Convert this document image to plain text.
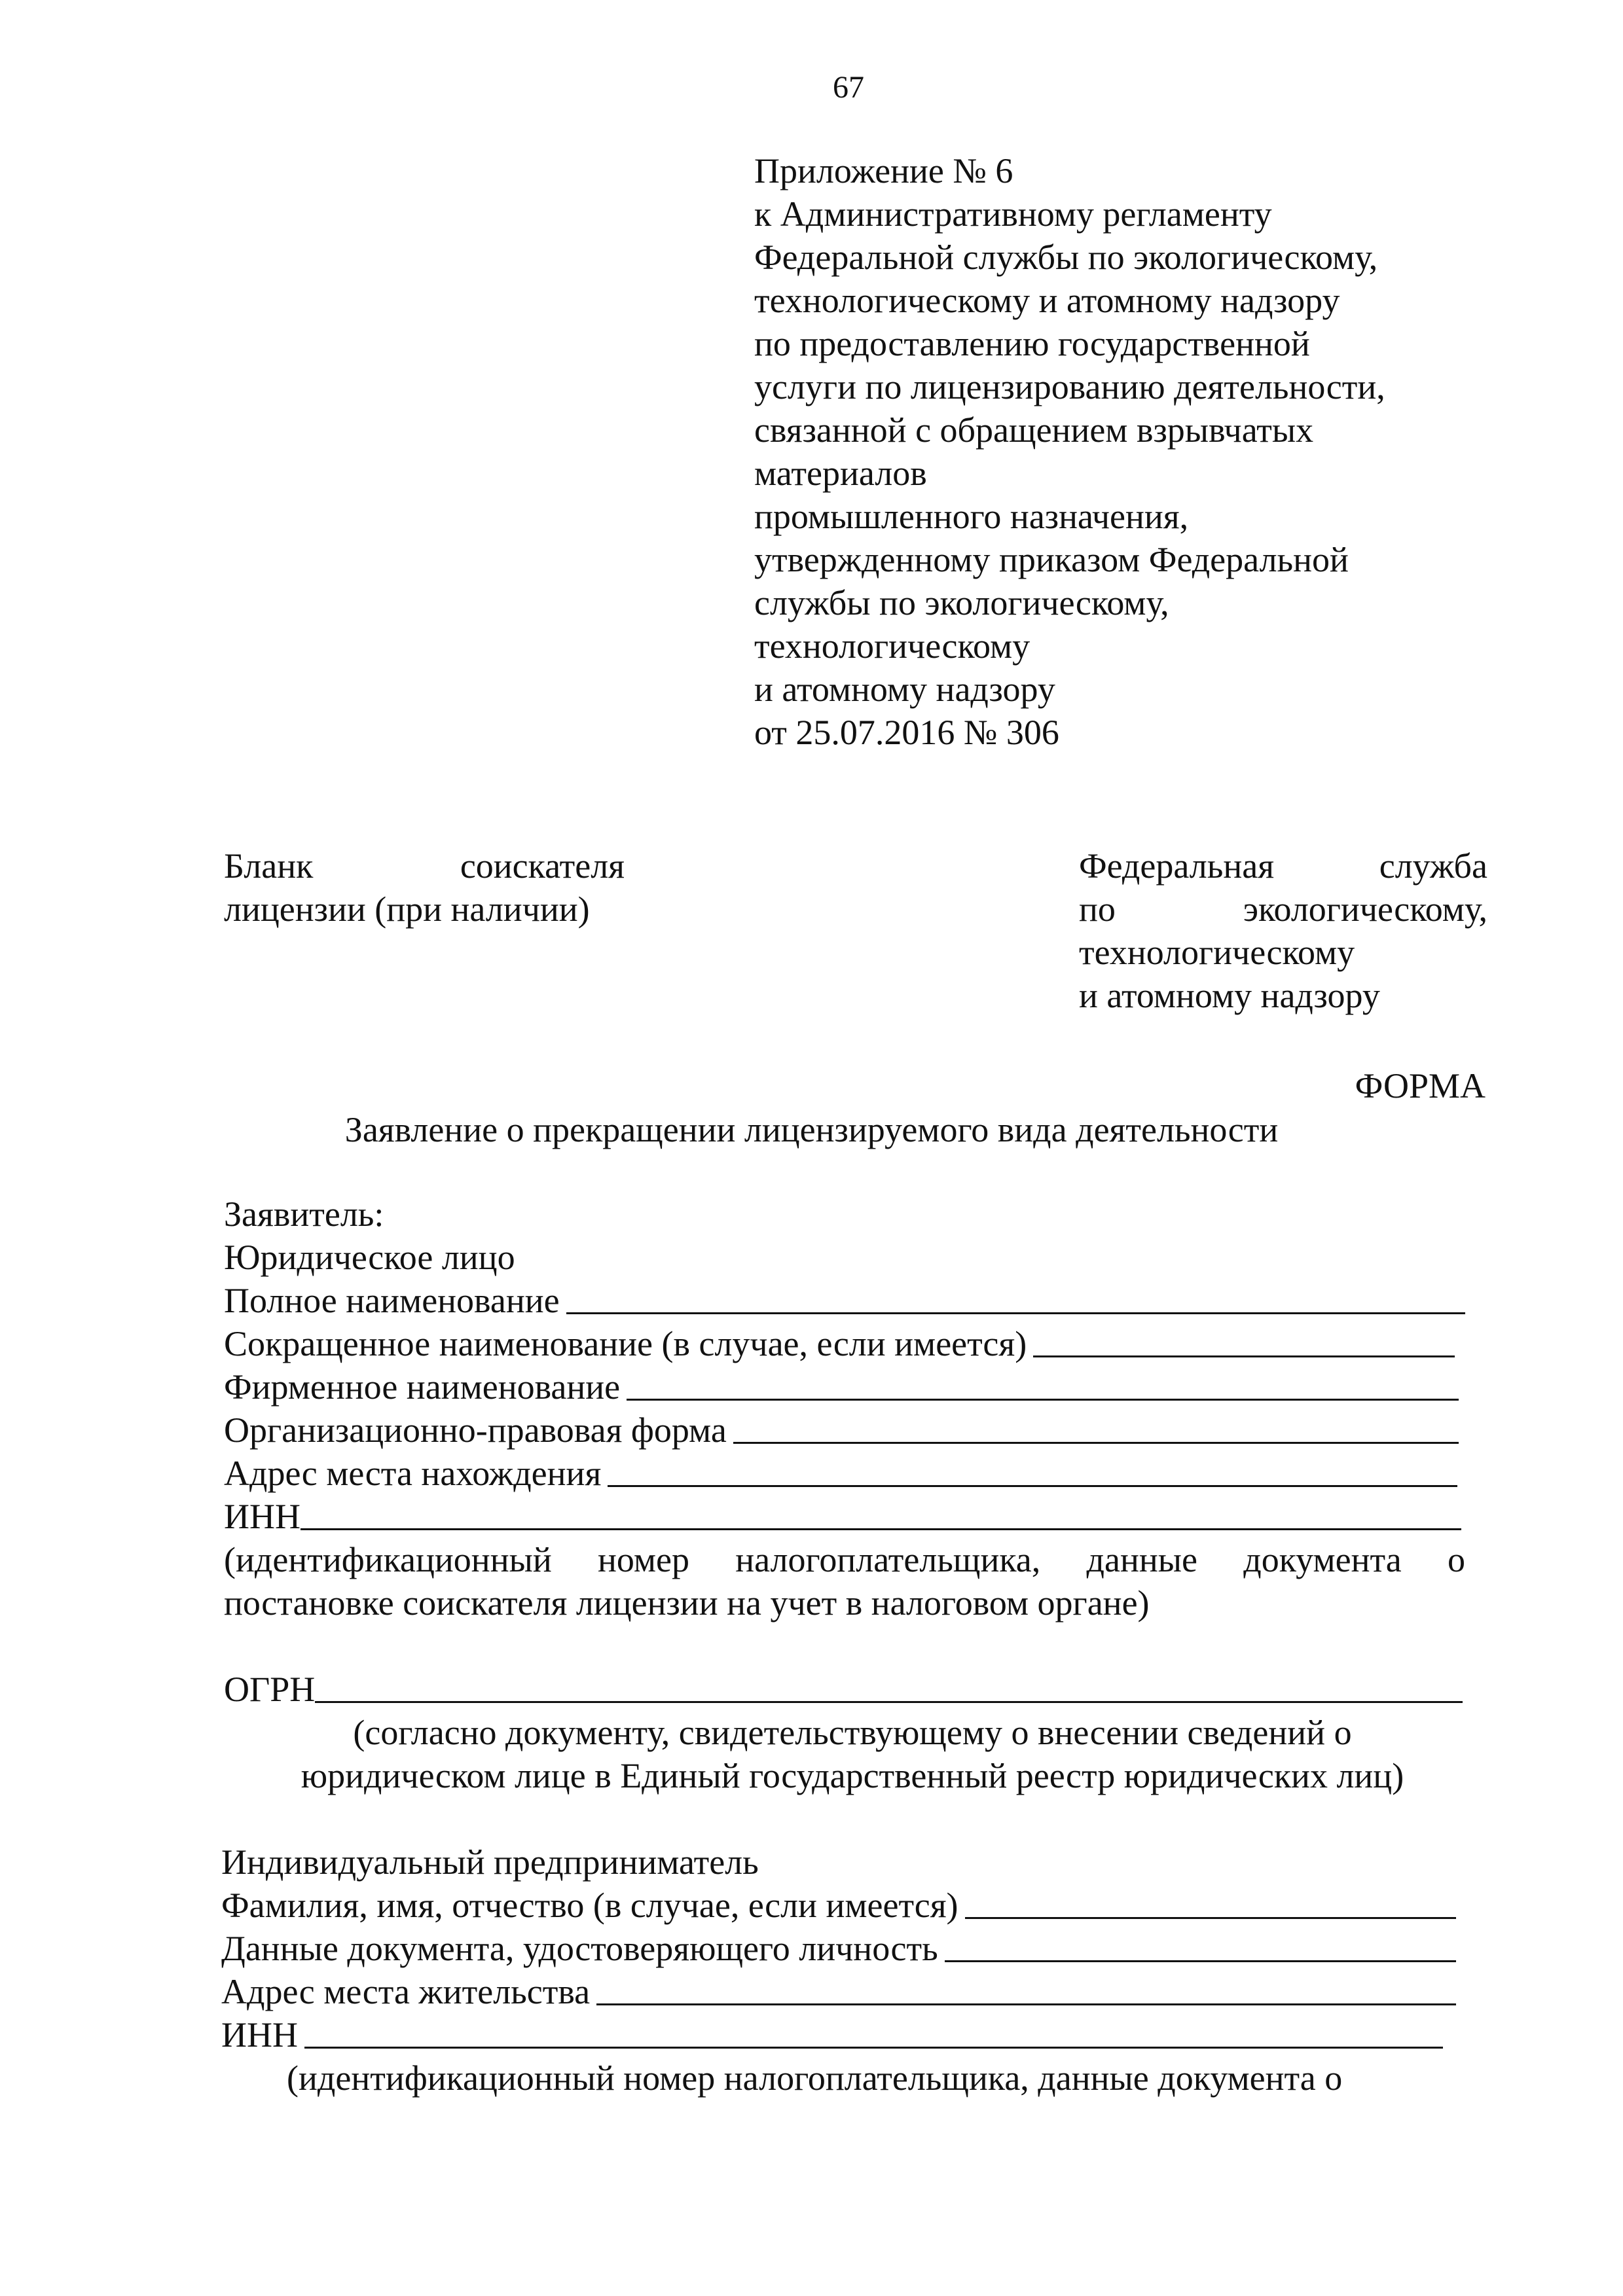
67
Приложение № 6
к Административному регламенту
Федеральной службы по экологическому,
технологическому и атомному надзору
по предоставлению государственной
услуги по лицензированию деятельности,
связанной с обращением взрывчатых
материалов
промышленного назначения,
утвержденному приказом Федеральной
службы по экологическому,
технологическому
и атомному надзору
от 25.07.2016 № 306
Бланк	соискателя
лицензии (при наличии)
Федеральная	служба
по	экологическому,
технологическому
и атомному надзору
ФОРМА
Заявление о прекращении лицензируемого вида деятельности
Заявитель:
Юридическое лицо
Полное наименование
Сокращенное наименование (в случае, если имеется)
Фирменное наименование
Организационно-правовая форма
Адрес места нахождения
ИНН
(идентификационный номер налогоплательщика, данные документа о
постановке соискателя лицензии на учет в налоговом органе)
ОГРН
(согласно документу, свидетельствующему о внесении сведений о
юридическом лице в Единый государственный реестр юридических лиц)
Индивидуальный предприниматель
Фамилия, имя, отчество (в случае, если имеется)
Данные документа, удостоверяющего личность
Адрес места жительства
ИНН
(идентификационный номер налогоплательщика, данные документа о
